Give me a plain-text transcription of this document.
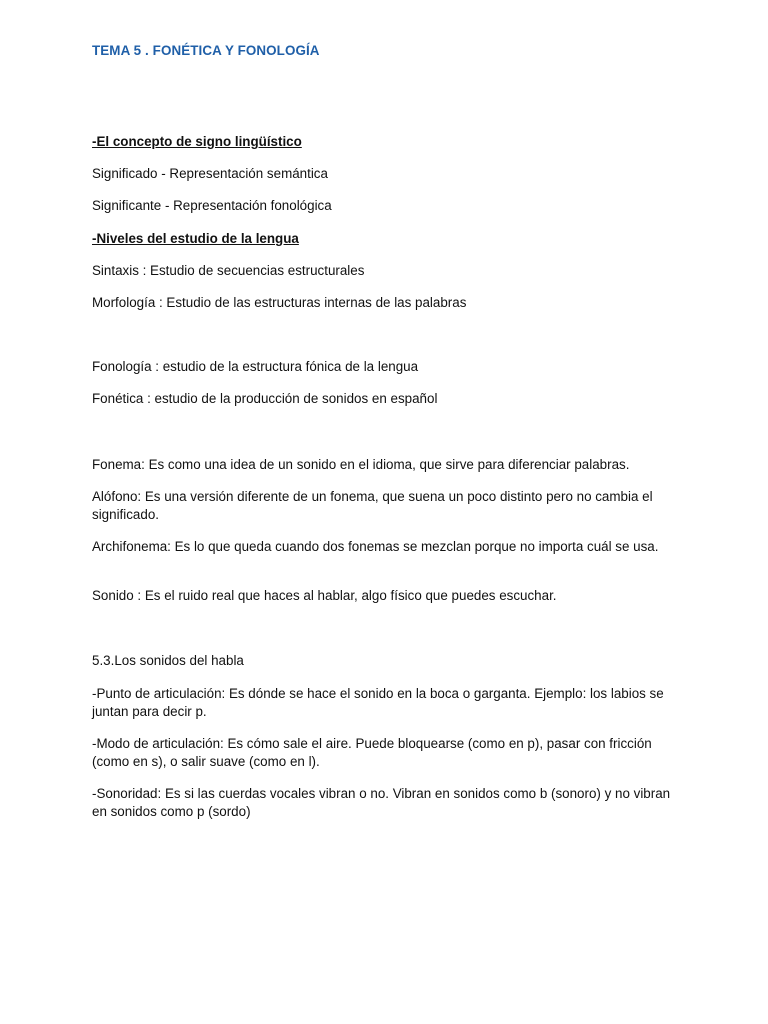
TEMA 5 . FONÉTICA Y FONOLOGÍA
-El concepto de signo lingüístico
Significado - Representación semántica
Significante - Representación fonológica
-Niveles del estudio de la lengua
Sintaxis : Estudio de secuencias estructurales
Morfología : Estudio de las estructuras internas de las palabras
Fonología : estudio de la estructura fónica de la lengua
Fonética : estudio de la producción de sonidos en español
Fonema: Es como una idea de un sonido en el idioma, que sirve para diferenciar palabras.
Alófono: Es una versión diferente de un fonema, que suena un poco distinto pero no cambia el significado.
Archifonema: Es lo que queda cuando dos fonemas se mezclan porque no importa cuál se usa.
Sonido : Es el ruido real que haces al hablar, algo físico que puedes escuchar.
5.3.Los sonidos del habla
-Punto de articulación: Es dónde se hace el sonido en la boca o garganta. Ejemplo: los labios se juntan para decir p.
-Modo de articulación: Es cómo sale el aire. Puede bloquearse (como en p), pasar con fricción (como en s), o salir suave (como en l).
-Sonoridad: Es si las cuerdas vocales vibran o no. Vibran en sonidos como b (sonoro) y no vibran en sonidos como p (sordo)
